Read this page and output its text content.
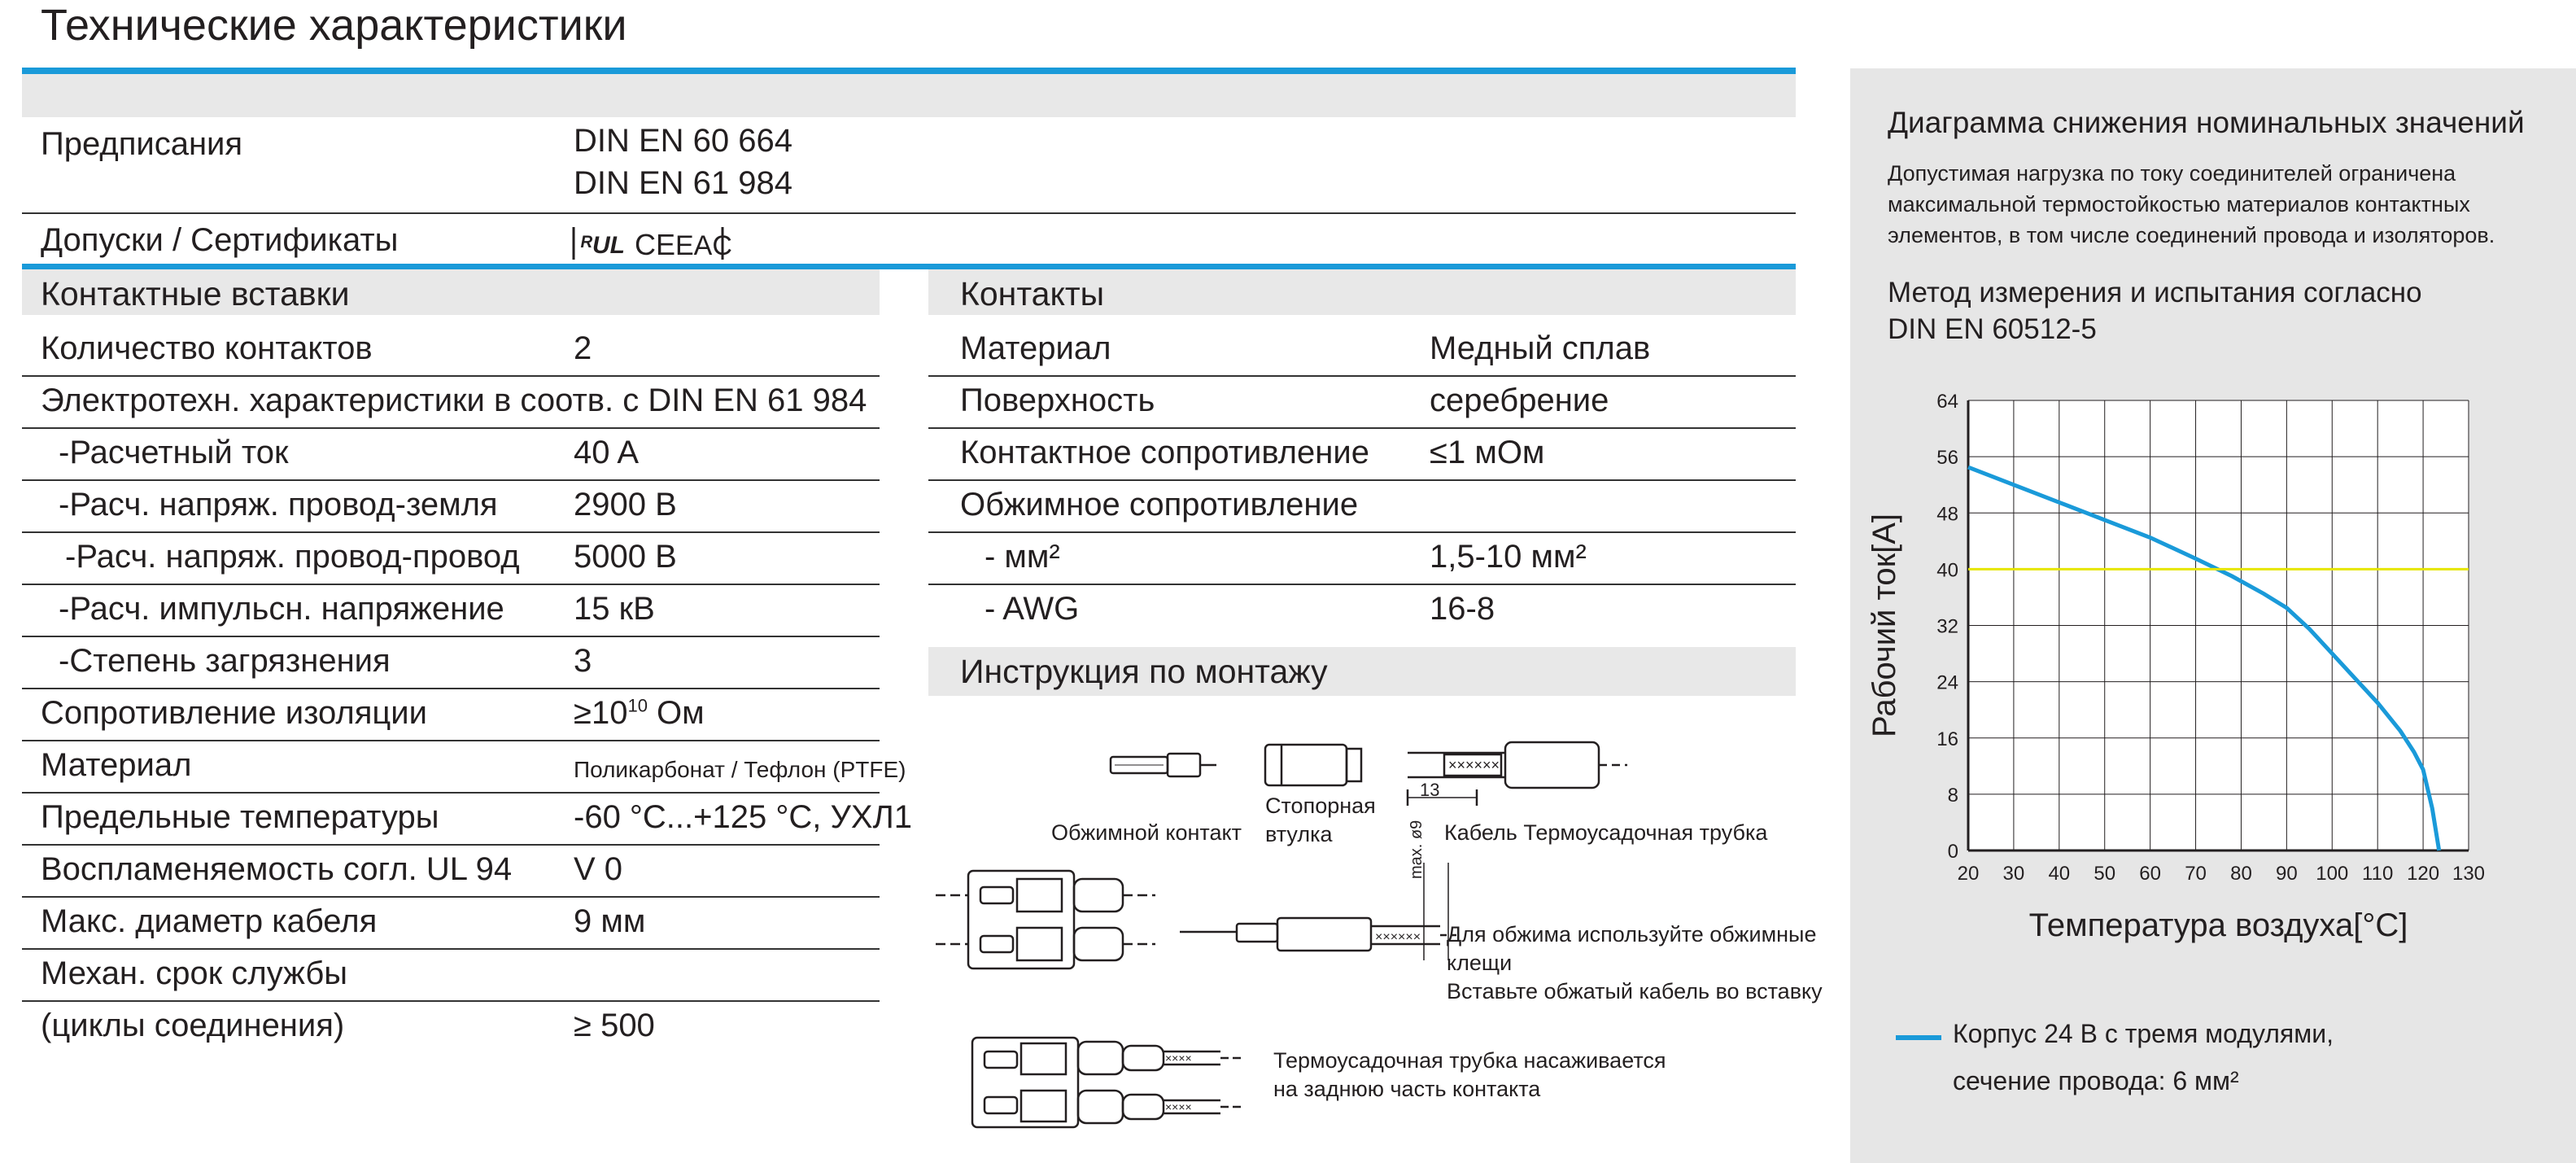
Технические характеристики
Предписания	DIN EN 60 664
DIN EN 61 984
Допуски / Сертификаты	ᴿUL CE EAC
Контактные вставки
Количество контактов	2
Электротехн. характеристики в соотв. с DIN EN 61 984
-Расчетный ток	40 A
-Расч. напряж. провод-земля 2900 В
-Расч. напряж. провод-провод 5000 В
-Расч. импульсн. напряжение 15 кВ
-Степень загрязнения	3
Сопротивление изоляции	$\ge 10^{10}$ Ом
Материал	Поликарбонат / Тефлон (PTFE)
Предельные температуры	-60 °C...+125 °C, УХЛ1
Воспламеняемость согл. UL 94 V 0
Макс. диаметр кабеля	9 мм
Механ. срок службы
(циклы соединения)	≥ 500
Контакты
Материал	Медный сплав
Поверхность	серебрение
Контактное сопротивление ≤1 мОм
Обжимное сопротивление
- мм²	1,5-10 мм²
- AWG	16-8
Инструкция по монтажу
××××××
××××××
××××
××××
Обжимной контакт
Стопорная
втулка	Кабель Термоусадочная трубка
13
max. ø9
Для обжима используйте обжимные
клещи
Вставьте обжатый кабель во вставку
Термоусадочная трубка насаживается
на заднюю часть контакта
Диаграмма снижения номинальных значений
Допустимая нагрузка по току соединителей ограничена
максимальной термостойкостью материалов контактных
элементов, в том числе соединений провода и изоляторов.
Метод измерения и испытания согласно
DIN EN 60512-5
20 30 40 50 60 70 80 90 100 110 120 130
0
8
16
24
32
40
48
56
64
Температура воздуха[°C]
Рабочий ток[A]
Корпус 24 B с тремя модулями,
сечение провода: 6 мм²
